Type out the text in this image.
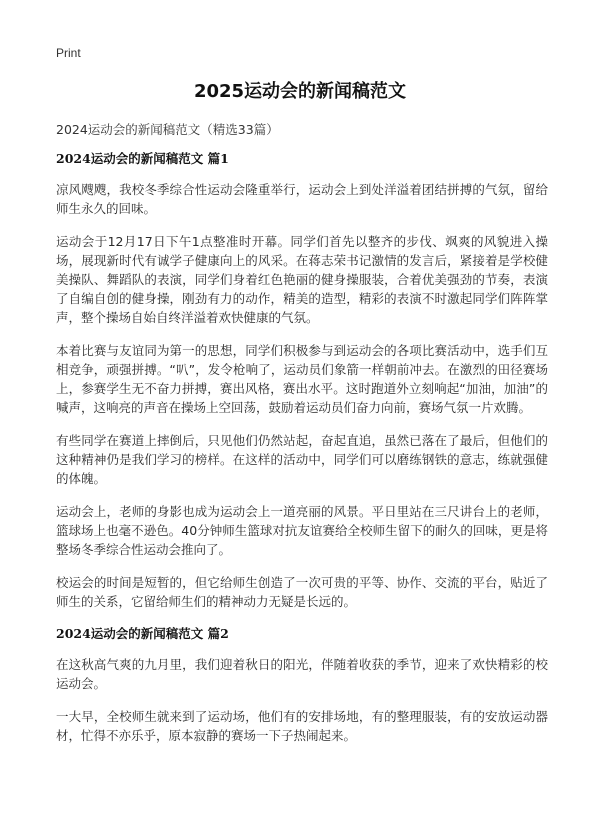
Print
2025运动会的新闻稿范文

2024运动会的新闻稿范文（精选33篇）

2024运动会的新闻稿范文 篇1

凉风飕飕，我校冬季综合性运动会隆重举行，运动会上到处洋溢着团结拼搏的气氛，留给师生永久的回味。

运动会于12月17日下午1点整准时开幕。同学们首先以整齐的步伐、飒爽的风貌进入操场，展现新时代有诚学子健康向上的风采。在蒋志荣书记激情的发言后，紧接着是学校健美操队、舞蹈队的表演，同学们身着红色艳丽的健身操服装，合着优美强劲的节奏，表演了自编自创的健身操，刚劲有力的动作，精美的造型，精彩的表演不时激起同学们阵阵掌声，整个操场自始自终洋溢着欢快健康的气氛。

本着比赛与友谊同为第一的思想，同学们积极参与到运动会的各项比赛活动中，选手们互相竞争，顽强拼搏。“叭”，发令枪响了，运动员们象箭一样朝前冲去。在激烈的田径赛场上，参赛学生无不奋力拼搏，赛出风格，赛出水平。这时跑道外立刻响起“加油，加油”的喊声，这响亮的声音在操场上空回荡，鼓励着运动员们奋力向前，赛场气氛一片欢腾。

有些同学在赛道上摔倒后，只见他们仍然站起，奋起直追，虽然已落在了最后，但他们的这种精神仍是我们学习的榜样。在这样的活动中，同学们可以磨练钢铁的意志，练就强健的体魄。

运动会上，老师的身影也成为运动会上一道亮丽的风景。平日里站在三尺讲台上的老师，篮球场上也毫不逊色。40分钟师生篮球对抗友谊赛给全校师生留下的耐久的回味，更是将整场冬季综合性运动会推向了。

校运会的时间是短暂的，但它给师生创造了一次可贵的平等、协作、交流的平台，贴近了师生的关系，它留给师生们的精神动力无疑是长远的。

2024运动会的新闻稿范文 篇2

在这秋高气爽的九月里，我们迎着秋日的阳光，伴随着收获的季节，迎来了欢快精彩的校运动会。

一大早，全校师生就来到了运动场，他们有的安排场地，有的整理服装，有的安放运动器材，忙得不亦乐乎，原本寂静的赛场一下子热闹起来。
